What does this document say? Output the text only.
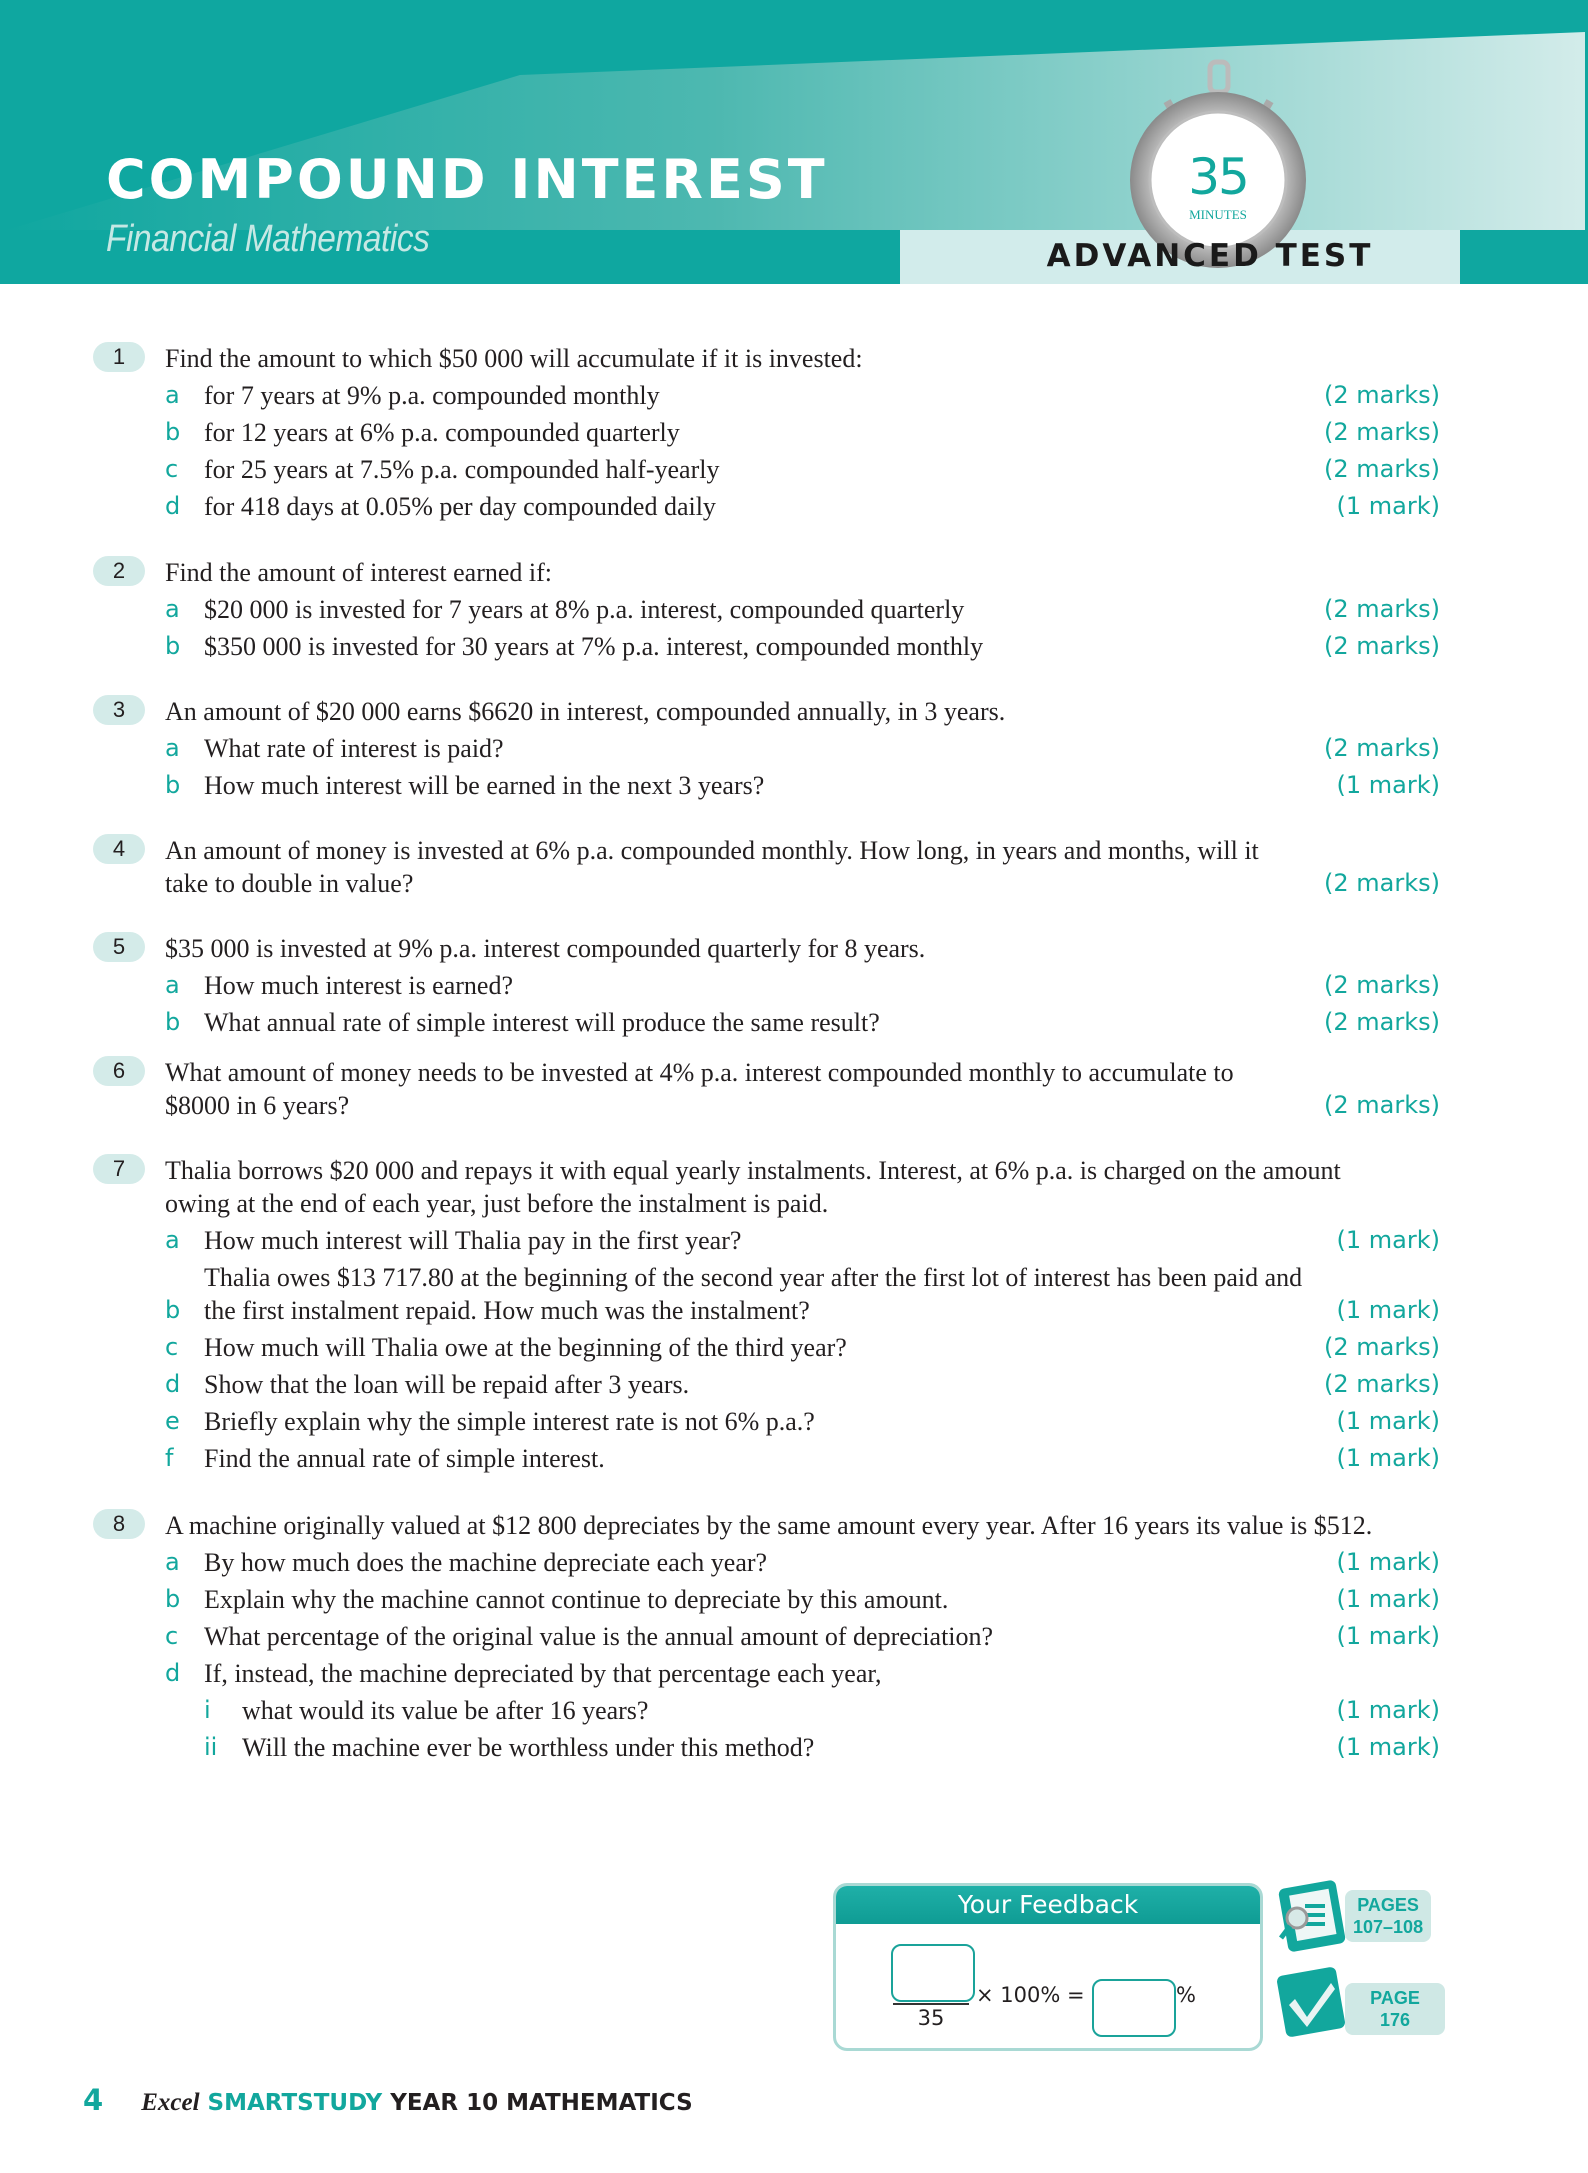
COMPOUND INTEREST
Financial Mathematics
35
MINUTES
ADVANCED TEST
1	Find the amount to which $50 000 will accumulate if it is invested:
a for 7 years at 9% p.a. compounded monthly	(2 marks)
b for 12 years at 6% p.a. compounded quarterly	(2 marks)
c for 25 years at 7.5% p.a. compounded half-yearly	(2 marks)
d for 418 days at 0.05% per day compounded daily	(1 mark)
2	Find the amount of interest earned if:
a $20 000 is invested for 7 years at 8% p.a. interest, compounded quarterly	(2 marks)
b $350 000 is invested for 30 years at 7% p.a. interest, compounded monthly	(2 marks)
3	An amount of $20 000 earns $6620 in interest, compounded annually, in 3 years.
a What rate of interest is paid?	(2 marks)
b How much interest will be earned in the next 3 years?	(1 mark)
4	An amount of money is invested at 6% p.a. compounded monthly. How long, in years and months, will it take to double in value?	(2 marks)
5	$35 000 is invested at 9% p.a. interest compounded quarterly for 8 years.
a How much interest is earned?	(2 marks)
b What annual rate of simple interest will produce the same result?	(2 marks)
6	What amount of money needs to be invested at 4% p.a. interest compounded monthly to accumulate to $8000 in 6 years?	(2 marks)
7	Thalia borrows $20 000 and repays it with equal yearly instalments. Interest, at 6% p.a. is charged on the amount owing at the end of each year, just before the instalment is paid.
a How much interest will Thalia pay in the first year?	(1 mark)
b
Thalia owes $13 717.80 at the beginning of the second year after the first lot of interest has been paid and the first instalment repaid. How much was the instalment?	(1 mark)
c How much will Thalia owe at the beginning of the third year?	(2 marks)
d Show that the loan will be repaid after 3 years.	(2 marks)
e Briefly explain why the simple interest rate is not 6% p.a.?	(1 mark)
f	Find the annual rate of simple interest.	(1 mark)
8	A machine originally valued at $12 800 depreciates by the same amount every year. After 16 years its value is $512.
a By how much does the machine depreciate each year?	(1 mark)
b Explain why the machine cannot continue to depreciate by this amount.	(1 mark)
c What percentage of the original value is the annual amount of depreciation?	(1 mark)
d If, instead, the machine depreciated by that percentage each year,
i	what would its value be after 16 years?	(1 mark)
ii Will the machine ever be worthless under this method?	(1 mark)
Your Feedback
35
× 100% =	%
PAGES
107–108
PAGE 176
4 Excel SMARTSTUDY YEAR 10 MATHEMATICS
